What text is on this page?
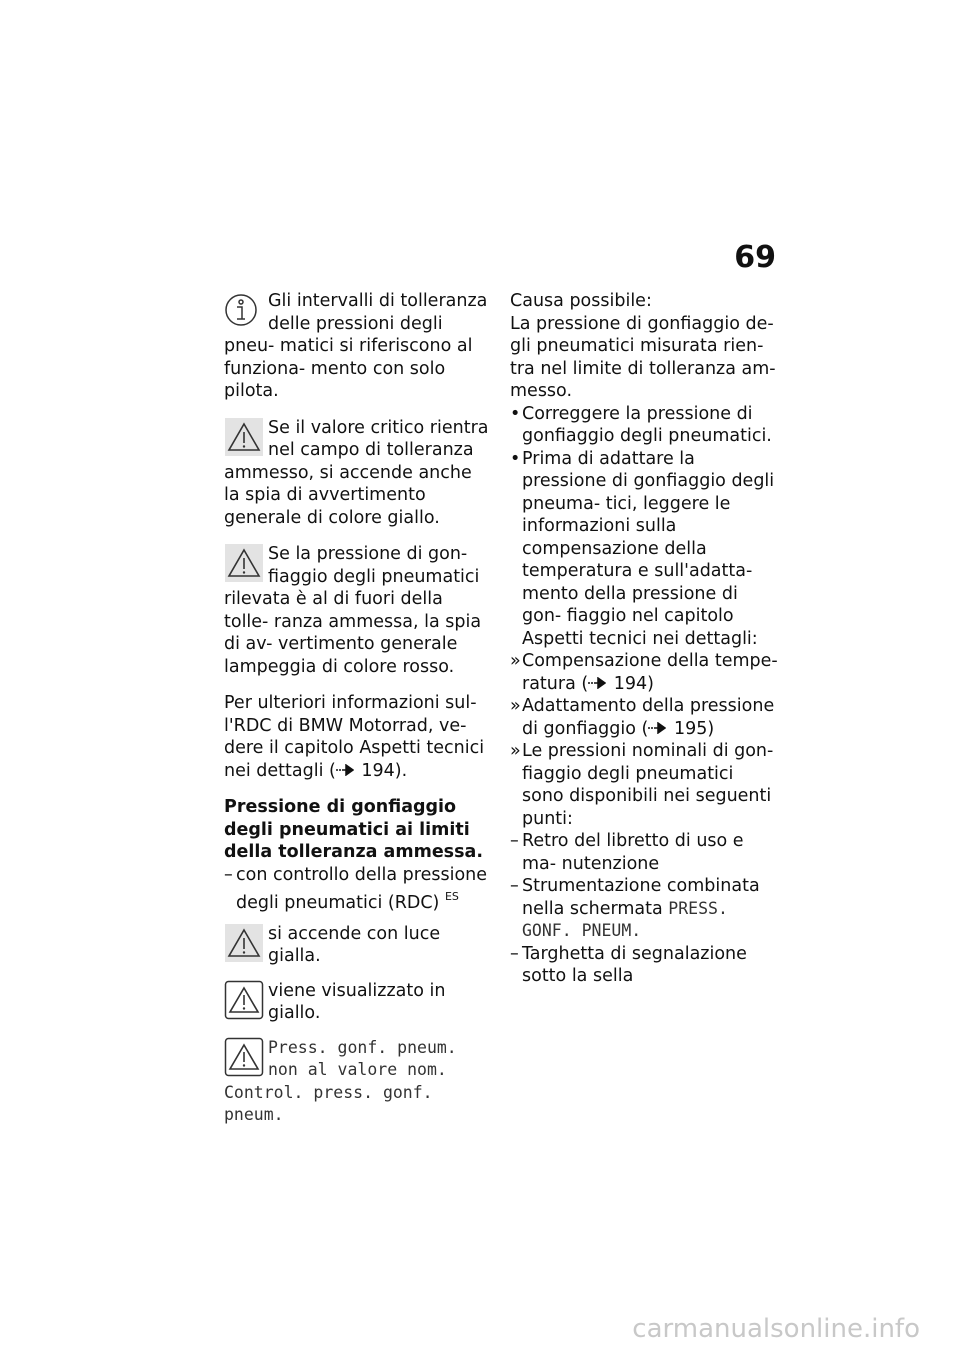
69

Gli intervalli di tolleranza delle pressioni degli pneu- matici si riferiscono al funziona- mento con solo pilota.

Se il valore critico rientra nel campo di tolleranza ammesso, si accende anche la spia di avvertimento generale di colore giallo.

Se la pressione di gon- fiaggio degli pneumatici rilevata è al di fuori della tolle- ranza ammessa, la spia di av- vertimento generale lampeggia di colore rosso.

Per ulteriori informazioni sul- l'RDC di BMW Motorrad, ve- dere il capitolo Aspetti tecnici nei dettagli ( 194).

Pressione di gonfiaggio degli pneumatici ai limiti della tolleranza ammessa.

– con controllo della pressione degli pneumatici (RDC) $^{ES}$

si accende con luce gialla.

viene visualizzato in giallo.

Press. gonf. pneum. non al valore nom. Control. press. gonf. pneum.

Causa possibile:

La pressione di gonfiaggio de- gli pneumatici misurata rien- tra nel limite di tolleranza am- messo.

• Correggere la pressione di gonfiaggio degli pneumatici.
• Prima di adattare la pressione di gonfiaggio degli pneuma- tici, leggere le informazioni sulla compensazione della temperatura e sull'adatta- mento della pressione di gon- fiaggio nel capitolo Aspetti tecnici nei dettagli:
» Compensazione della tempe- ratura ( 194)
» Adattamento della pressione di gonfiaggio ( 195)
» Le pressioni nominali di gon- fiaggio degli pneumatici sono disponibili nei seguenti punti:
– Retro del libretto di uso e ma- nutenzione
– Strumentazione combinata nella schermata PRESS. GONF. PNEUM.
– Targhetta di segnalazione sotto la sella
carmanualsonline.info
